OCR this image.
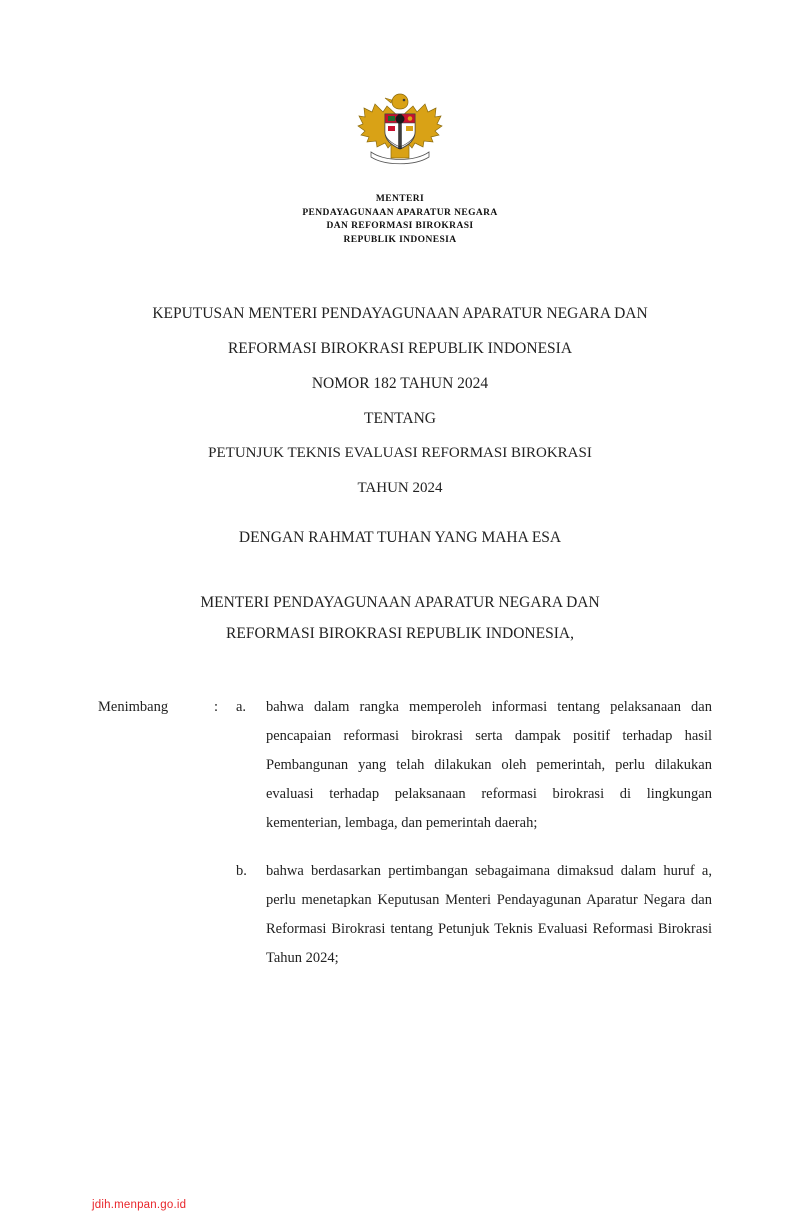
MENTERI
PENDAYAGUNAAN APARATUR NEGARA
DAN REFORMASI BIROKRASI
REPUBLIK INDONESIA
KEPUTUSAN MENTERI PENDAYAGUNAAN APARATUR NEGARA DAN
REFORMASI BIROKRASI REPUBLIK INDONESIA
NOMOR 182 TAHUN 2024
TENTANG
PETUNJUK TEKNIS EVALUASI REFORMASI BIROKRASI
TAHUN 2024
DENGAN RAHMAT TUHAN YANG MAHA ESA
MENTERI PENDAYAGUNAAN APARATUR NEGARA DAN
REFORMASI BIROKRASI REPUBLIK INDONESIA,
Menimbang	:	a.	bahwa dalam rangka memperoleh informasi tentang pelaksanaan dan pencapaian reformasi birokrasi serta dampak positif terhadap hasil Pembangunan yang telah dilakukan oleh pemerintah, perlu dilakukan evaluasi terhadap pelaksanaan reformasi birokrasi di lingkungan kementerian, lembaga, dan pemerintah daerah;
b.	bahwa berdasarkan pertimbangan sebagaimana dimaksud dalam huruf a, perlu menetapkan Keputusan Menteri Pendayagunan Aparatur Negara dan Reformasi Birokrasi tentang Petunjuk Teknis Evaluasi Reformasi Birokrasi Tahun 2024;
jdih.menpan.go.id
